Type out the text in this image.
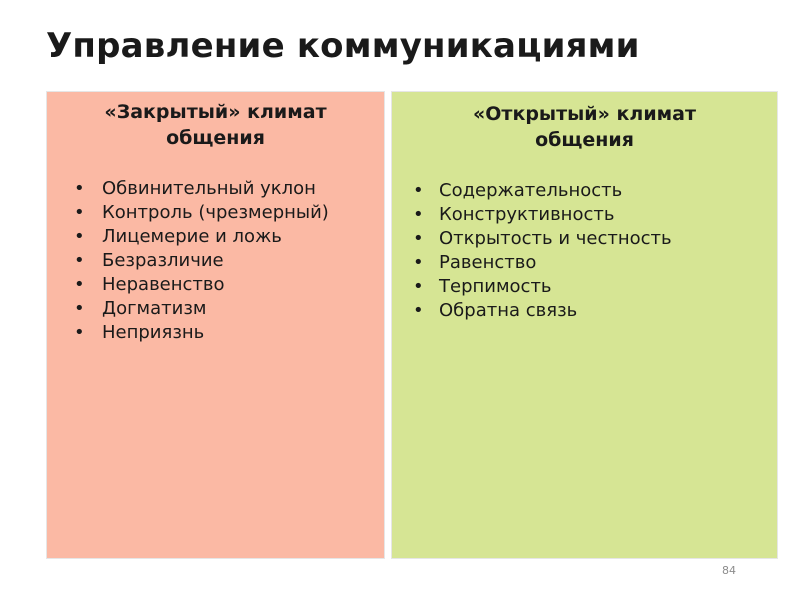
Управление коммуникациями
«Закрытый» климат общения
• Обвинительный уклон
• Контроль (чрезмерный)
• Лицемерие и ложь
• Безразличие
• Неравенство
• Догматизм
• Неприязнь
«Открытый» климат общения
• Содержательность
• Конструктивность
• Открытость и честность
• Равенство
• Терпимость
• Обратна связь
84
